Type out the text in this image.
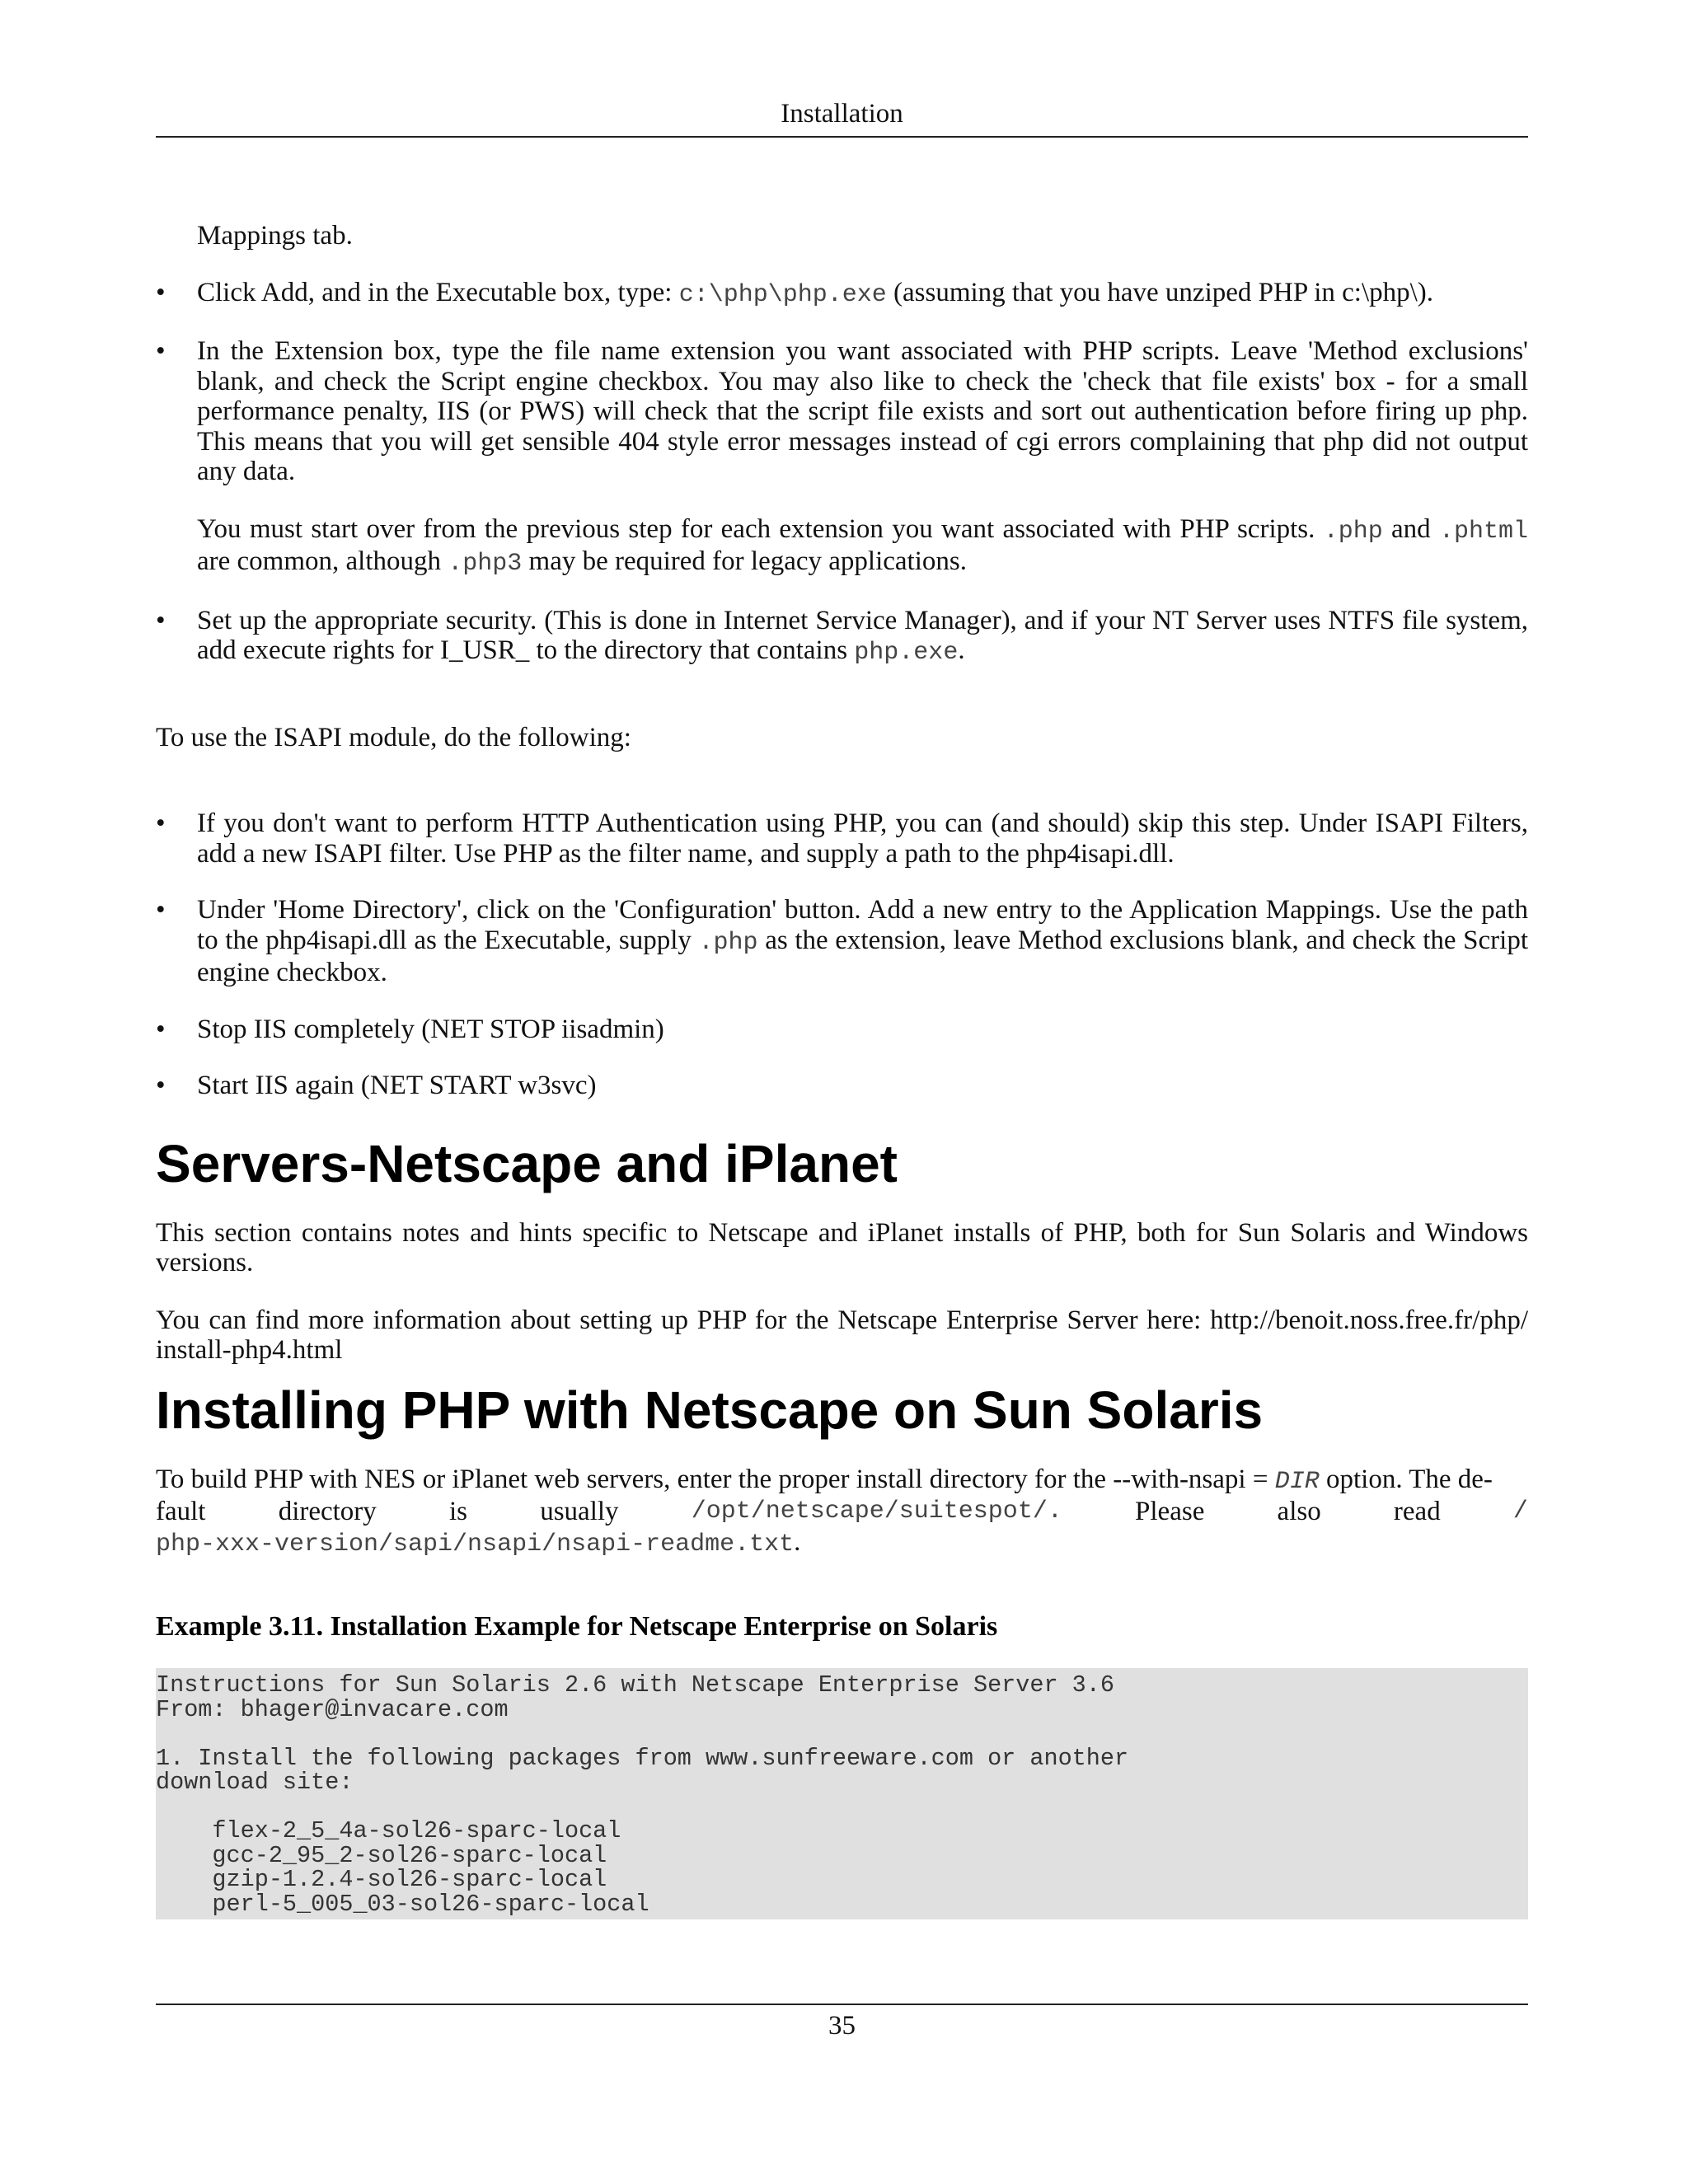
Installation

Mappings tab.

• Click Add, and in the Executable box, type: c:\php\php.exe (assuming that you have unziped PHP in c:\php\).

• In the Extension box, type the file name extension you want associated with PHP scripts. Leave 'Method exclusions' blank, and check the Script engine checkbox. You may also like to check the 'check that file exists' box - for a small performance penalty, IIS (or PWS) will check that the script file exists and sort out authentication before firing up php. This means that you will get sensible 404 style error messages instead of cgi errors complaining that php did not output any data.

You must start over from the previous step for each extension you want associated with PHP scripts. .php and .phtml are common, although .php3 may be required for legacy applications.

• Set up the appropriate security. (This is done in Internet Service Manager), and if your NT Server uses NTFS file system, add execute rights for I_USR_ to the directory that contains php.exe.

To use the ISAPI module, do the following:

• If you don't want to perform HTTP Authentication using PHP, you can (and should) skip this step. Under ISAPI Filters, add a new ISAPI filter. Use PHP as the filter name, and supply a path to the php4isapi.dll.

• Under 'Home Directory', click on the 'Configuration' button. Add a new entry to the Application Mappings. Use the path to the php4isapi.dll as the Executable, supply .php as the extension, leave Method exclusions blank, and check the Script engine checkbox.

• Stop IIS completely (NET STOP iisadmin)

• Start IIS again (NET START w3svc)

Servers-Netscape and iPlanet

This section contains notes and hints specific to Netscape and iPlanet installs of PHP, both for Sun Solaris and Windows versions.

You can find more information about setting up PHP for the Netscape Enterprise Server here: http://benoit.noss.free.fr/php/ install-php4.html

Installing PHP with Netscape on Sun Solaris

To build PHP with NES or iPlanet web servers, enter the proper install directory for the --with-nsapi = DIR option. The de-

fault	directory	is	usually	/opt/netscape/suitespot/.	Please	also	read	/

php-xxx-version/sapi/nsapi/nsapi-readme.txt.

Example 3.11. Installation Example for Netscape Enterprise on Solaris
Instructions for Sun Solaris 2.6 with Netscape Enterprise Server 3.6
From: bhager@invacare.com

1. Install the following packages from www.sunfreeware.com or another
download site:

flex-2_5_4a-sol26-sparc-local
gcc-2_95_2-sol26-sparc-local
gzip-1.2.4-sol26-sparc-local
perl-5_005_03-sol26-sparc-local
35
